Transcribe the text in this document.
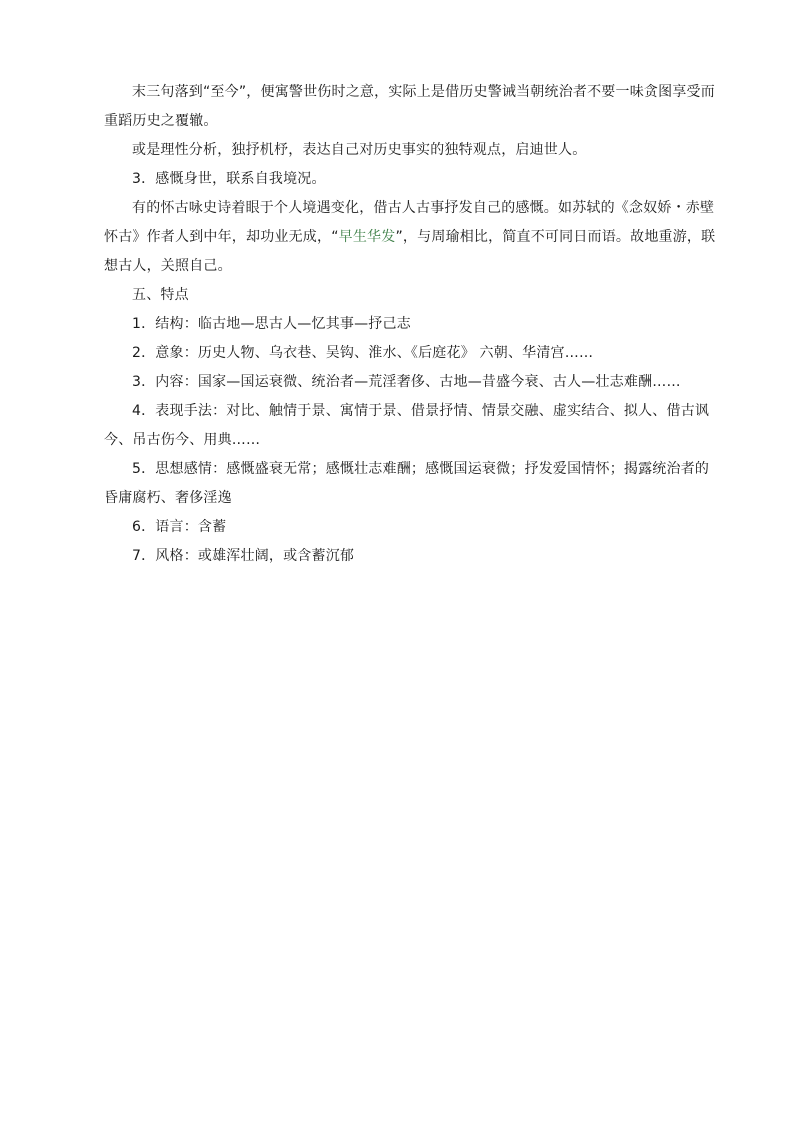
末三句落到“至今”，便寓警世伤时之意，实际上是借历史警诫当朝统治者不要一味贪图享受而重蹈历史之覆辙。

或是理性分析，独抒机杼，表达自己对历史事实的独特观点，启迪世人。

3．感慨身世，联系自我境况。

有的怀古咏史诗着眼于个人境遇变化，借古人古事抒发自己的感慨。如苏轼的《念奴娇・赤壁怀古》作者人到中年，却功业无成，“早生华发”，与周瑜相比，简直不可同日而语。故地重游，联想古人，关照自己。

五、特点

1．结构：临古地—思古人—忆其事—抒己志

2．意象：历史人物、乌衣巷、吴钩、淮水、《后庭花》 六朝、华清宫……

3．内容：国家—国运衰微、统治者—荒淫奢侈、古地—昔盛今衰、古人—壮志难酬……

4．表现手法：对比、触情于景、寓情于景、借景抒情、情景交融、虚实结合、拟人、借古讽今、吊古伤今、用典……

5．思想感情：感慨盛衰无常；感慨壮志难酬；感慨国运衰微；抒发爱国情怀；揭露统治者的昏庸腐朽、奢侈淫逸

6．语言：含蓄

7．风格：或雄浑壮阔，或含蓄沉郁
